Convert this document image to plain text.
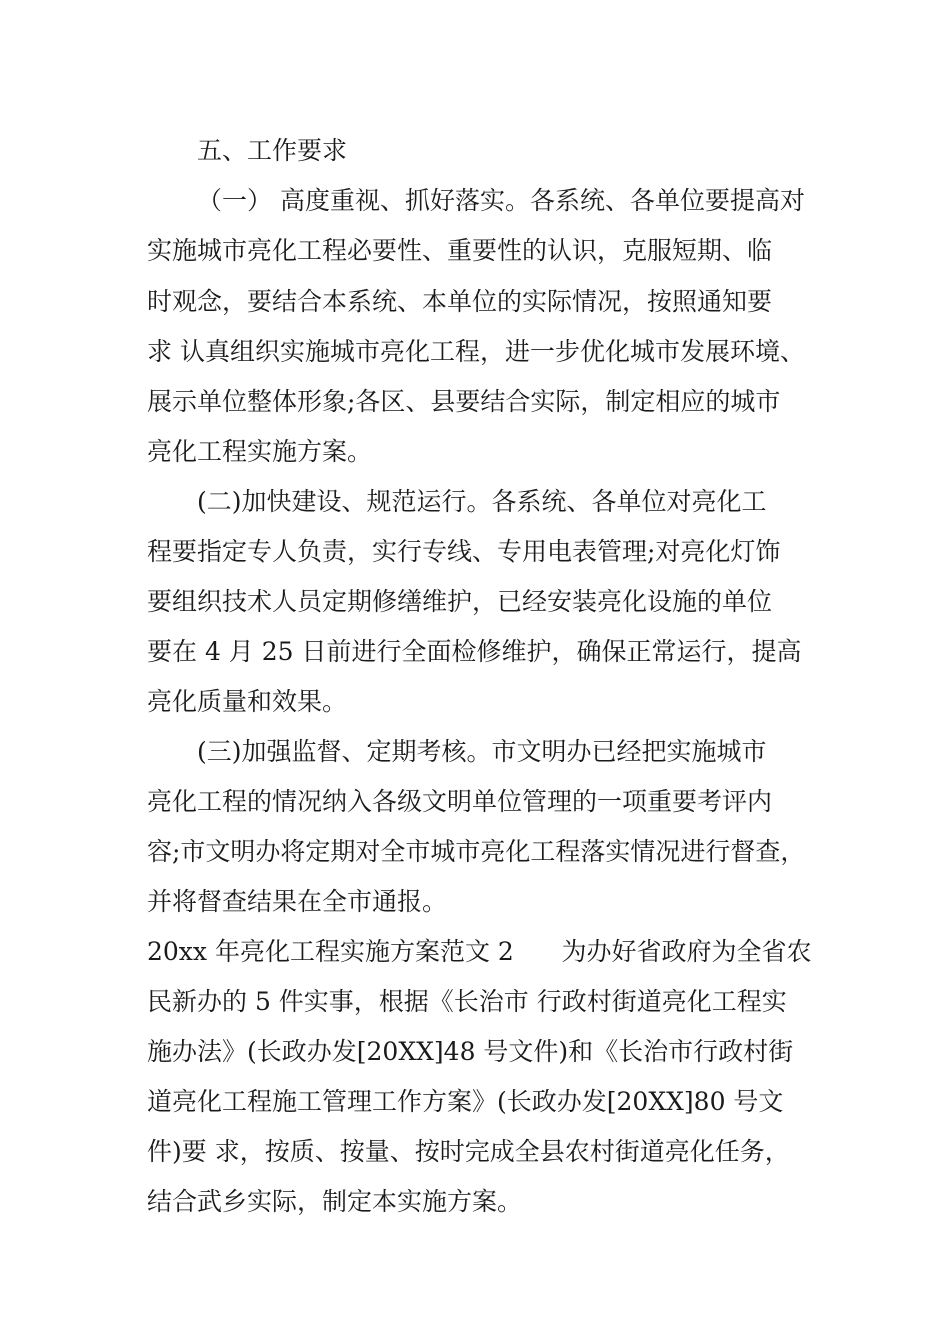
五、工作要求
（一） 高度重视、抓好落实。各系统、各单位要提高对
实施城市亮化工程必要性、重要性的认识，克服短期、临
时观念，要结合本系统、本单位的实际情况，按照通知要
求 认真组织实施城市亮化工程，进一步优化城市发展环境、
展示单位整体形象;各区、县要结合实际，制定相应的城市
亮化工程实施方案。
(二)加快建设、规范运行。各系统、各单位对亮化工
程要指定专人负责，实行专线、专用电表管理;对亮化灯饰
要组织技术人员定期修缮维护，已经安装亮化设施的单位
要在 4 月 25 日前进行全面检修维护，确保正常运行，提高
亮化质量和效果。
(三)加强监督、定期考核。市文明办已经把实施城市
亮化工程的情况纳入各级文明单位管理的一项重要考评内
容;市文明办将定期对全市城市亮化工程落实情况进行督查，
并将督查结果在全市通报。
20xx 年亮化工程实施方案范文 2      为办好省政府为全省农
民新办的 5 件实事，根据《长治市 行政村街道亮化工程实
施办法》(长政办发[20XX]48 号文件)和《长治市行政村街
道亮化工程施工管理工作方案》(长政办发[20XX]80 号文
件)要 求，按质、按量、按时完成全县农村街道亮化任务，
结合武乡实际，制定本实施方案。
